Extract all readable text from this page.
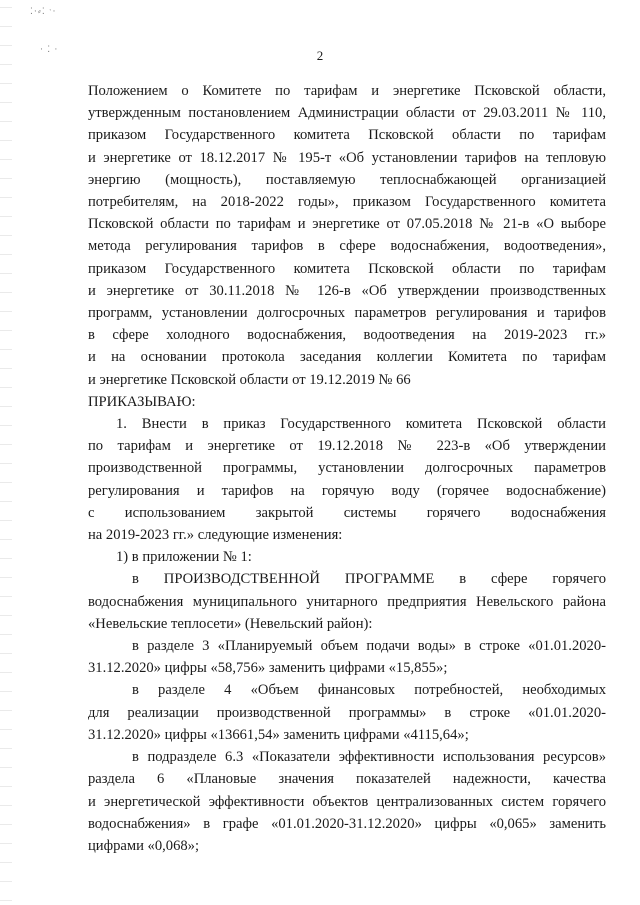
⁚·⸗⁚ ˑ·
· ⁚ ·	2
Положением о Комитете по тарифам и энергетике Псковской области,
утвержденным постановлением Администрации области от 29.03.2011 № 110,
приказом Государственного комитета Псковской области по тарифам
и энергетике от 18.12.2017 № 195-т «Об установлении тарифов на тепловую
энергию (мощность), поставляемую теплоснабжающей организацией
потребителям, на 2018-2022 годы», приказом Государственного комитета
Псковской области по тарифам и энергетике от 07.05.2018 № 21-в «О выборе
метода регулирования тарифов в сфере водоснабжения, водоотведения»,
приказом Государственного комитета Псковской области по тарифам
и энергетике от 30.11.2018 № 126-в «Об утверждении производственных
программ, установлении долгосрочных параметров регулирования и тарифов
в сфере холодного водоснабжения, водоотведения на 2019-2023 гг.»
и на основании протокола заседания коллегии Комитета по тарифам
и энергетике Псковской области от 19.12.2019 № 66
ПРИКАЗЫВАЮ:
1. Внести в приказ Государственного комитета Псковской области
по тарифам и энергетике от 19.12.2018 № 223-в «Об утверждении
производственной программы, установлении долгосрочных параметров
регулирования и тарифов на горячую воду (горячее водоснабжение)
с использованием закрытой системы горячего водоснабжения
на 2019-2023 гг.» следующие изменения:
1) в приложении № 1:
в ПРОИЗВОДСТВЕННОЙ ПРОГРАММЕ в сфере горячего
водоснабжения муниципального унитарного предприятия Невельского района
«Невельские теплосети» (Невельский район):
в разделе 3 «Планируемый объем подачи воды» в строке «01.01.2020-
31.12.2020» цифры «58,756» заменить цифрами «15,855»;
в разделе 4 «Объем финансовых потребностей, необходимых
для реализации производственной программы» в строке «01.01.2020-
31.12.2020» цифры «13661,54» заменить цифрами «4115,64»;
в подразделе 6.3 «Показатели эффективности использования ресурсов»
раздела 6 «Плановые значения показателей надежности, качества
и энергетической эффективности объектов централизованных систем горячего
водоснабжения» в графе «01.01.2020-31.12.2020» цифры «0,065» заменить
цифрами «0,068»;
